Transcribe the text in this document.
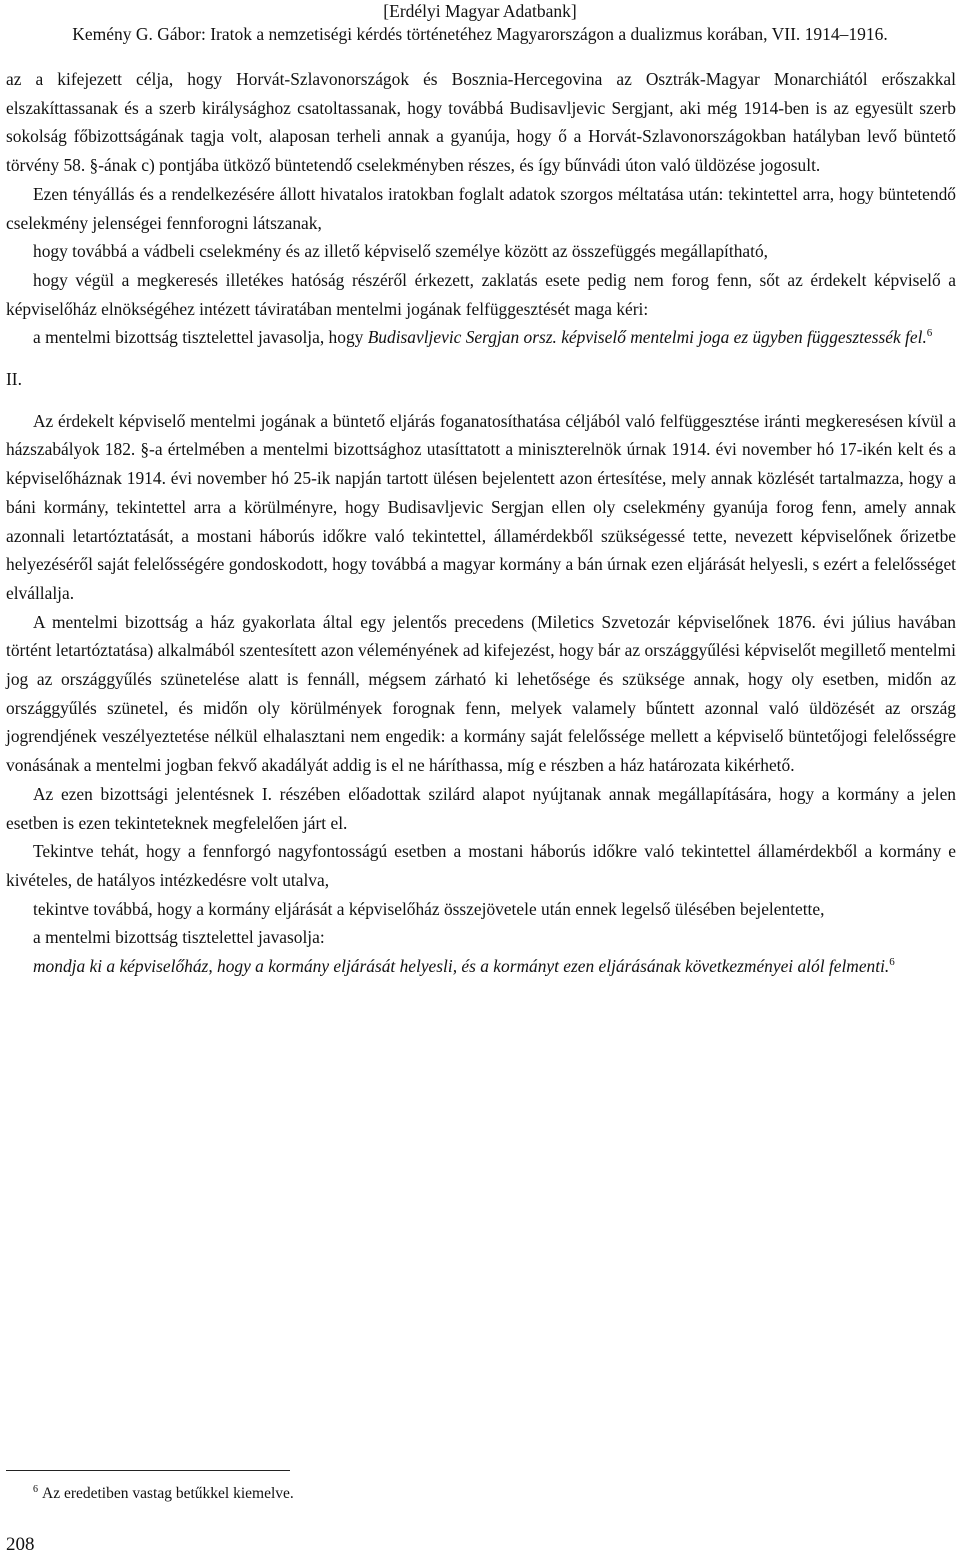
[Erdélyi Magyar Adatbank]
Kemény G. Gábor: Iratok a nemzetiségi kérdés történetéhez Magyarországon a dualizmus korában, VII. 1914–1916.

az a kifejezett célja, hogy Horvát-Szlavonországok és Bosznia-Hercegovina az Osztrák-Magyar Monarchiától erőszakkal elszakíttassanak és a szerb királysághoz csatoltassanak, hogy továbbá Budisavljevic Sergjant, aki még 1914-ben is az egyesült szerb sokolság főbizottságának tagja volt, alaposan terheli annak a gyanúja, hogy ő a Horvát-Szlavonországokban hatályban levő büntető törvény 58. §-ának c) pontjába ütköző büntetendő cselekményben részes, és így bűnvádi úton való üldözése jogosult.

Ezen tényállás és a rendelkezésére állott hivatalos iratokban foglalt adatok szorgos méltatása után: tekintettel arra, hogy büntetendő cselekmény jelenségei fennforogni látszanak,

hogy továbbá a vádbeli cselekmény és az illető képviselő személye között az összefüggés megállapítható,

hogy végül a megkeresés illetékes hatóság részéről érkezett, zaklatás esete pedig nem forog fenn, sőt az érdekelt képviselő a képviselőház elnökségéhez intézett táviratában mentelmi jogának felfüggesztését maga kéri:

a mentelmi bizottság tisztelettel javasolja, hogy Budisavljevic Sergjan orsz. képviselő mentelmi joga ez ügyben függesztessék fel.$^6$

II.

Az érdekelt képviselő mentelmi jogának a büntető eljárás foganatosíthatása céljából való felfüggesztése iránti megkeresésen kívül a házszabályok 182. §-a értelmében a mentelmi bizottsághoz utasíttatott a miniszterelnök úrnak 1914. évi november hó 17-ikén kelt és a képviselőháznak 1914. évi november hó 25-ik napján tartott ülésen bejelentett azon értesítése, mely annak közlését tartalmazza, hogy a báni kormány, tekintettel arra a körülményre, hogy Budisavljevic Sergjan ellen oly cselekmény gyanúja forog fenn, amely annak azonnali letartóztatását, a mostani háborús időkre való tekintettel, államérdekből szükségessé tette, nevezett képviselőnek őrizetbe helyezéséről saját felelősségére gondoskodott, hogy továbbá a magyar kormány a bán úrnak ezen eljárását helyesli, s ezért a felelősséget elvállalja.

A mentelmi bizottság a ház gyakorlata által egy jelentős precedens (Miletics Szvetozár képviselőnek 1876. évi július havában történt letartóztatása) alkalmából szentesített azon véleményének ad kifejezést, hogy bár az országgyűlési képviselőt megillető mentelmi jog az országgyűlés szünetelése alatt is fennáll, mégsem zárható ki lehetősége és szüksége annak, hogy oly esetben, midőn az országgyűlés szünetel, és midőn oly körülmények forognak fenn, melyek valamely bűntett azonnal való üldözését az ország jogrendjének veszélyeztetése nélkül elhalasztani nem engedik: a kormány saját felelőssége mellett a képviselő büntetőjogi felelősségre vonásának a mentelmi jogban fekvő akadályát addig is el ne háríthassa, míg e részben a ház határozata kikérhető.

Az ezen bizottsági jelentésnek I. részében előadottak szilárd alapot nyújtanak annak megállapítására, hogy a kormány a jelen esetben is ezen tekinteteknek megfelelően járt el.

Tekintve tehát, hogy a fennforgó nagyfontosságú esetben a mostani háborús időkre való tekintettel államérdekből a kormány e kivételes, de hatályos intézkedésre volt utalva,

tekintve továbbá, hogy a kormány eljárását a képviselőház összejövetele után ennek legelső ülésében bejelentette,

a mentelmi bizottság tisztelettel javasolja:

mondja ki a képviselőház, hogy a kormány eljárását helyesli, és a kormányt ezen eljárásának következményei alól felmenti.$^6$

$^6$ Az eredetiben vastag betűkkel kiemelve.
208
